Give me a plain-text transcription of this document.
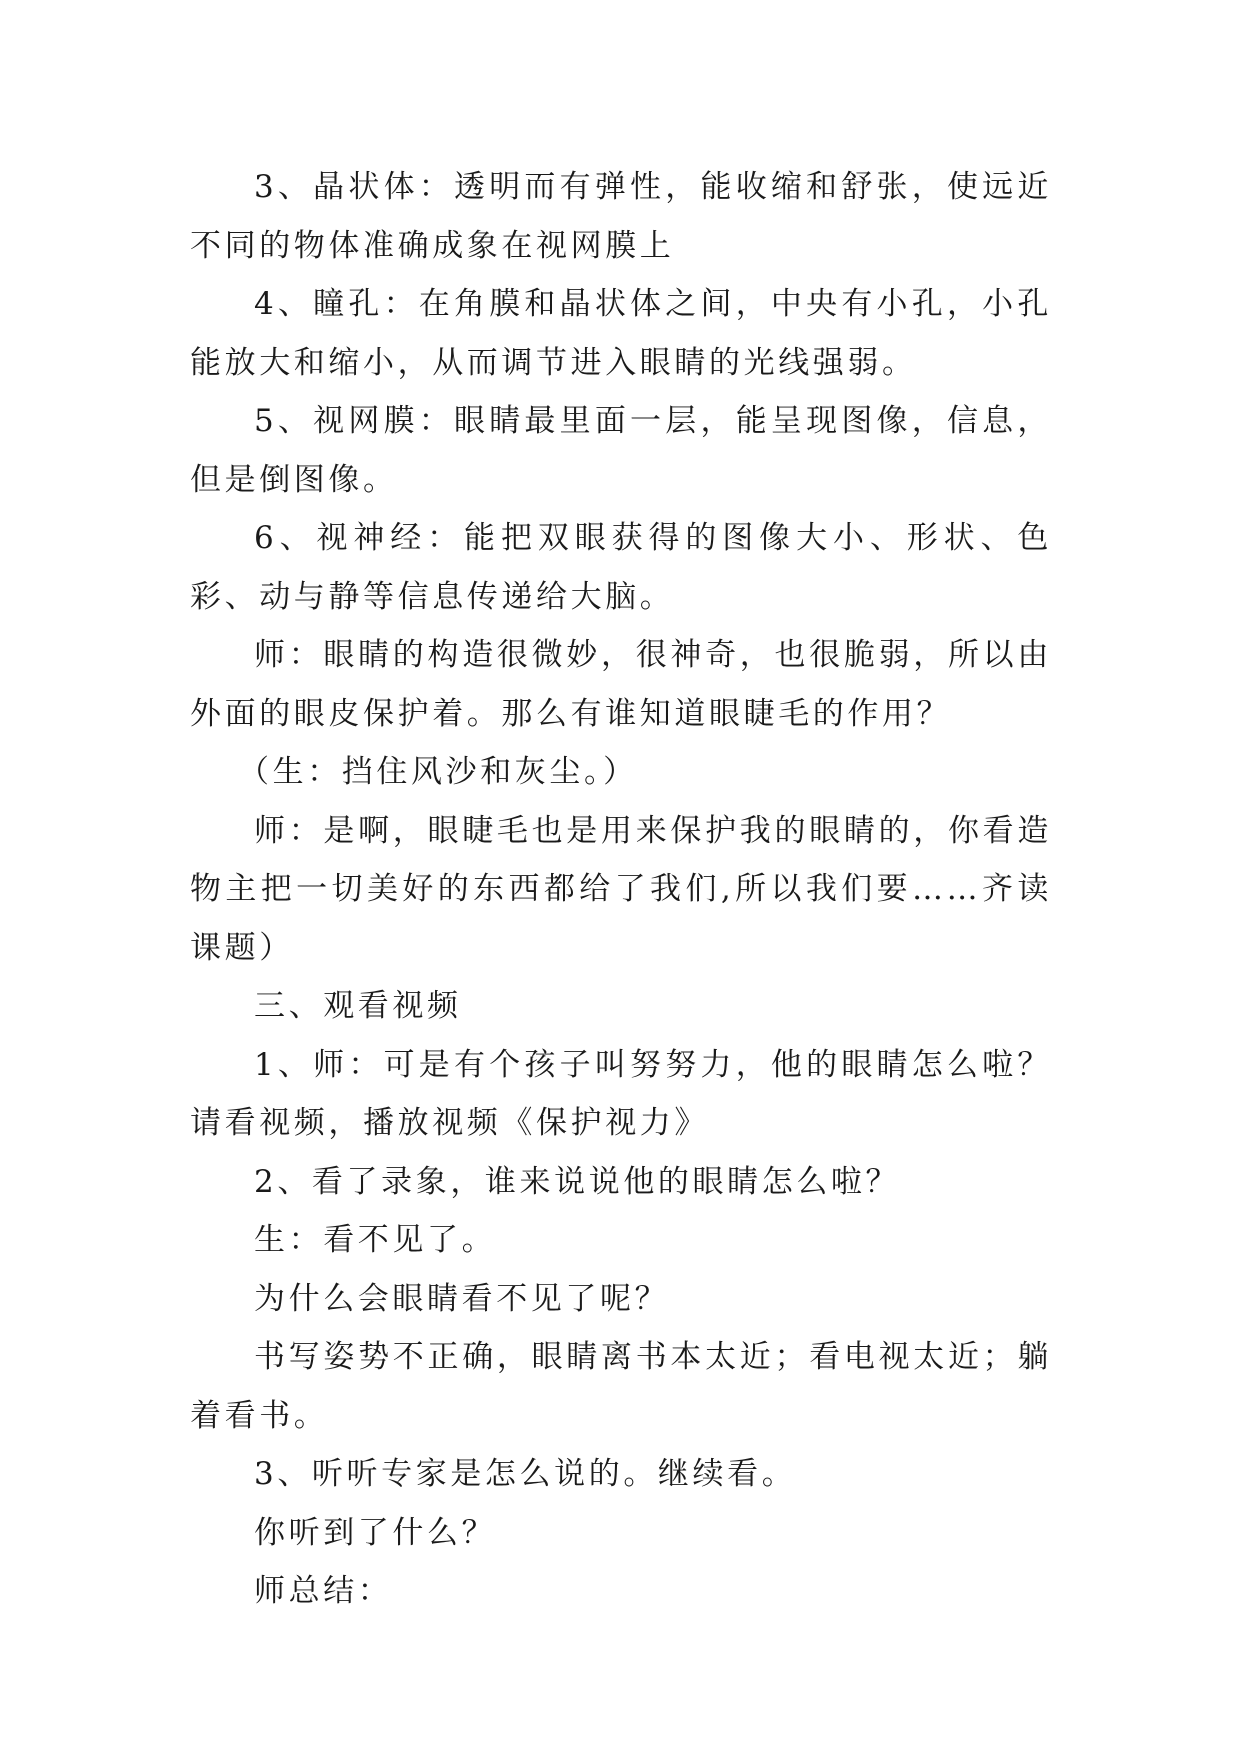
3、晶状体：透明而有弹性，能收缩和舒张，使远近不同的物体准确成象在视网膜上

4、瞳孔：在角膜和晶状体之间，中央有小孔，小孔能放大和缩小，从而调节进入眼睛的光线强弱。

5、视网膜：眼睛最里面一层，能呈现图像，信息，但是倒图像。

6、视神经：能把双眼获得的图像大小、形状、色彩、动与静等信息传递给大脑。

师：眼睛的构造很微妙，很神奇，也很脆弱，所以由外面的眼皮保护着。那么有谁知道眼睫毛的作用？

（生：挡住风沙和灰尘。）

师：是啊，眼睫毛也是用来保护我的眼睛的，你看造物主把一切美好的东西都给了我们,所以我们要……齐读课题）

三、观看视频

1、师：可是有个孩子叫努努力，他的眼睛怎么啦？请看视频，播放视频《保护视力》

2、看了录象，谁来说说他的眼睛怎么啦？

生：看不见了。

为什么会眼睛看不见了呢？

书写姿势不正确，眼睛离书本太近；看电视太近；躺着看书。

3、听听专家是怎么说的。继续看。

你听到了什么？

师总结：
